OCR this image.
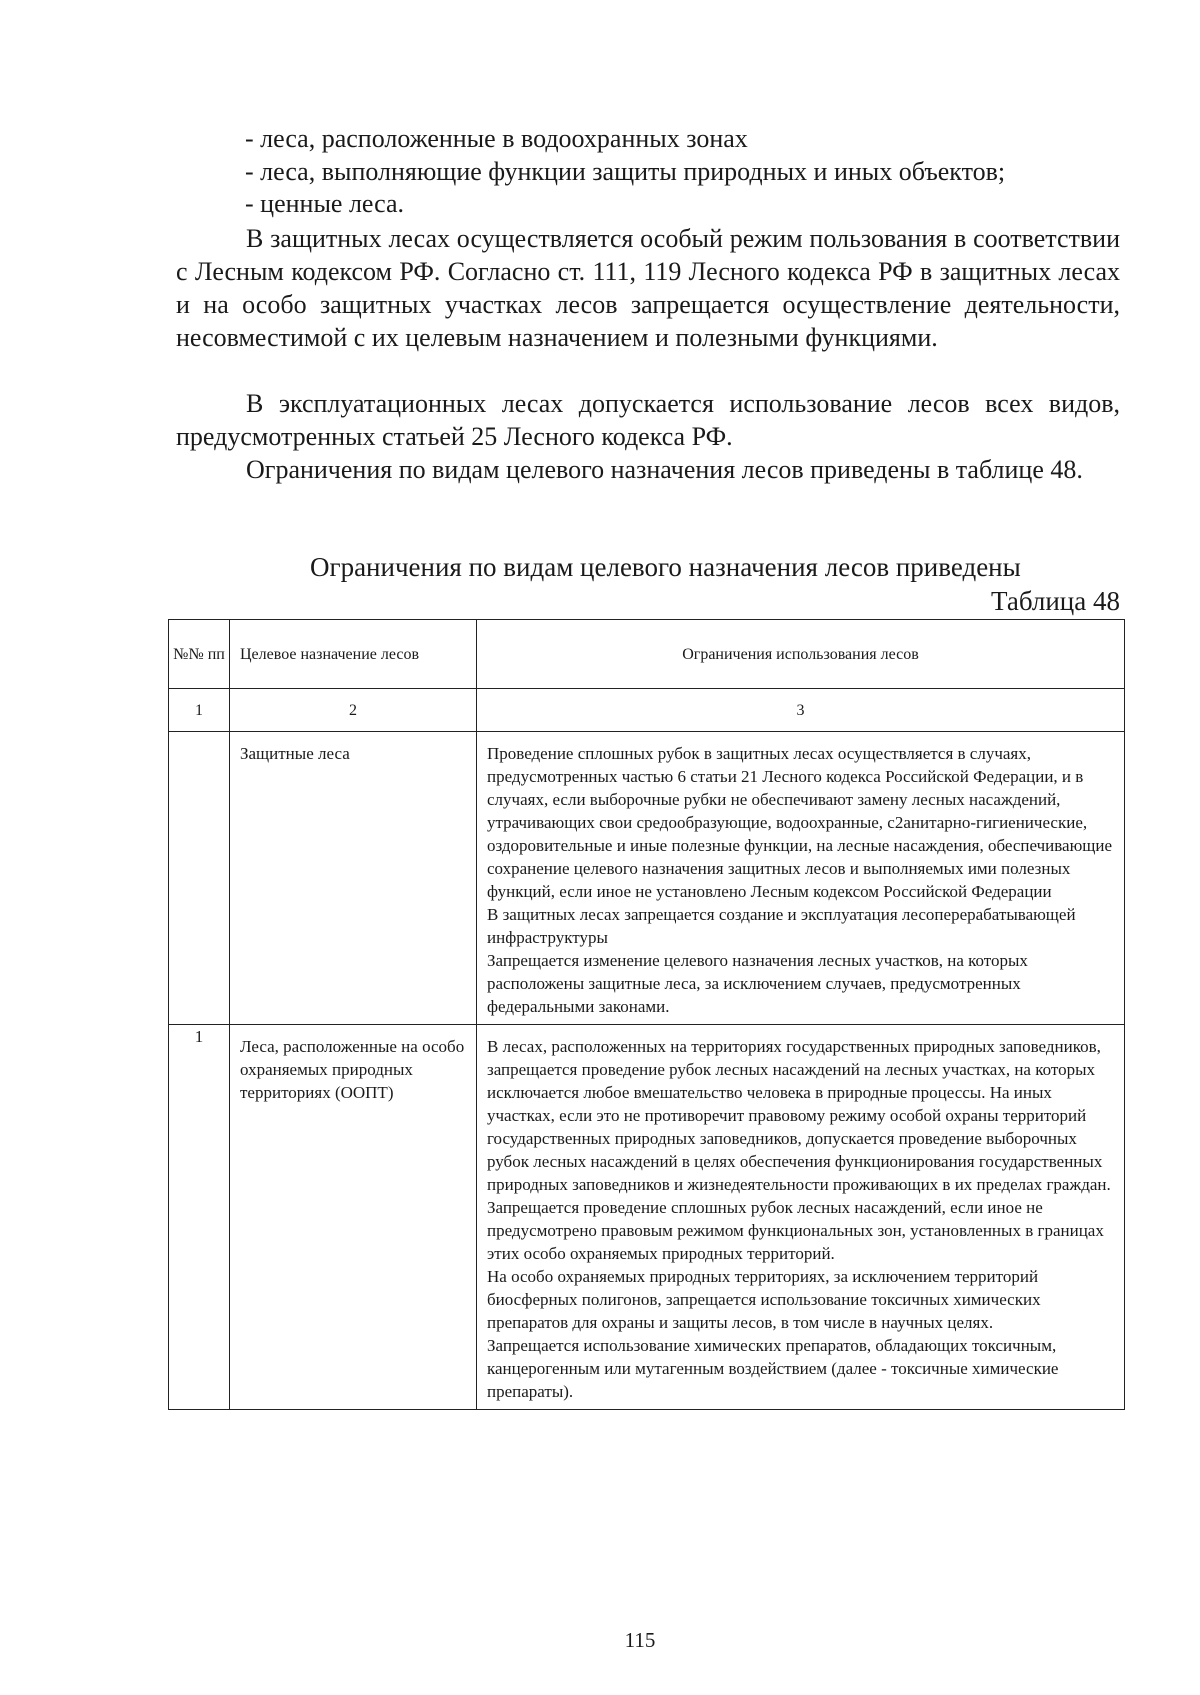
- леса, расположенные в водоохранных зонах
- леса, выполняющие функции защиты природных и иных объектов;
- ценные леса.

В защитных лесах осуществляется особый режим пользования в соответствии с Лесным кодексом РФ. Согласно ст. 111, 119 Лесного кодекса РФ в защитных лесах и на особо защитных участках лесов запрещается осуществление деятельности, несовместимой с их целевым назначением и полезными функциями.

В эксплуатационных лесах допускается использование лесов всех видов, предусмотренных статьей 25 Лесного кодекса РФ.

Ограничения по видам целевого назначения лесов приведены в таблице 48.

Ограничения по видам целевого назначения лесов приведены
Таблица 48
№№ пп	Целевое назначение лесов	Ограничения использования лесов
1	2	3

	Защитные леса	Проведение сплошных рубок в защитных лесах осуществляется в случаях, предусмотренных частью 6 статьи 21 Лесного кодекса Российской Федерации, и в случаях, если выборочные рубки не обеспечивают замену лесных насаждений, утрачивающих свои средообразующие, водоохранные, с2анитарно-гигиенические, оздоровительные и иные полезные функции, на лесные насаждения, обеспечивающие сохранение целевого назначения защитных лесов и выполняемых ими полезных функций, если иное не установлено Лесным кодексом Российской Федерации
В защитных лесах запрещается создание и эксплуатация лесоперерабатывающей инфраструктуры
Запрещается изменение целевого назначения лесных участков, на которых расположены защитные леса, за исключением случаев, предусмотренных федеральными законами.

1	Леса, расположенные на особо охраняемых природных территориях (ООПТ)	В лесах, расположенных на территориях государственных природных заповедников, запрещается проведение рубок лесных насаждений на лесных участках, на которых исключается любое вмешательство человека в природные процессы. На иных участках, если это не противоречит правовому режиму особой охраны территорий государственных природных заповедников, допускается проведение выборочных рубок лесных насаждений в целях обеспечения функционирования государственных природных заповедников и жизнедеятельности проживающих в их пределах граждан.
Запрещается проведение сплошных рубок лесных насаждений, если иное не предусмотрено правовым режимом функциональных зон, установленных в границах этих особо охраняемых природных территорий.
На особо охраняемых природных территориях, за исключением территорий биосферных полигонов, запрещается использование токсичных химических препаратов для охраны и защиты лесов, в том числе в научных целях.
Запрещается использование химических препаратов, обладающих токсичным, канцерогенным или мутагенным воздействием (далее - токсичные химические препараты).
115
